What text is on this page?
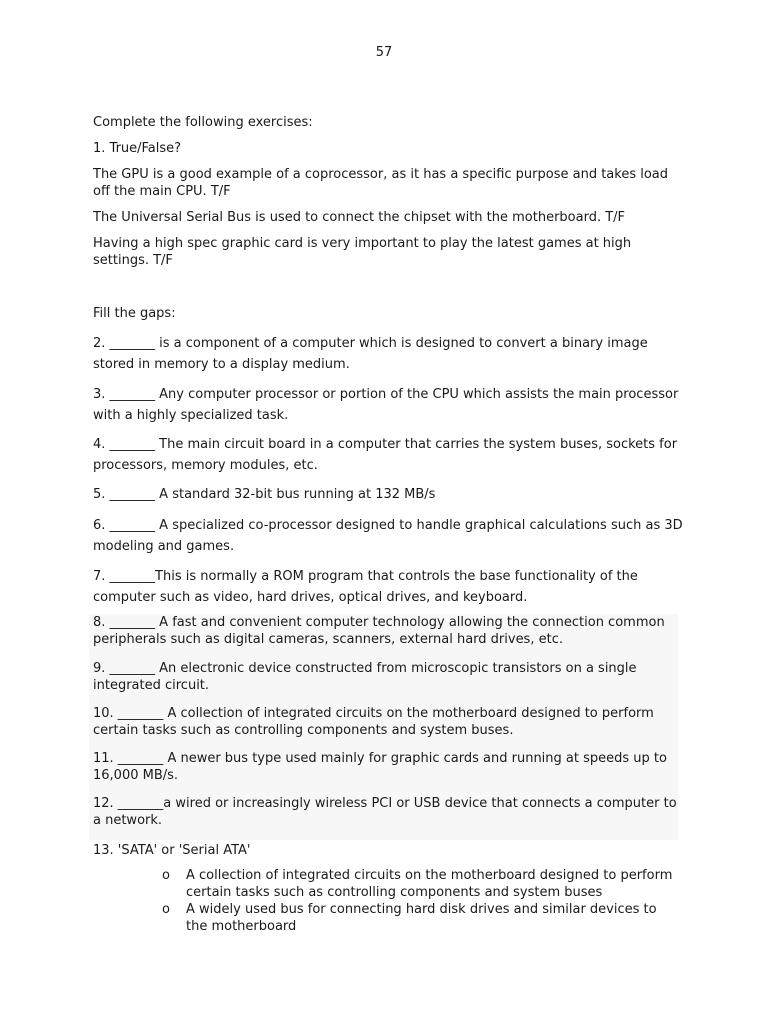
57

Complete the following exercises:

1. True/False?

The GPU is a good example of a coprocessor, as it has a specific purpose and takes load off the main CPU. T/F

The Universal Serial Bus is used to connect the chipset with the motherboard. T/F

Having a high spec graphic card is very important to play the latest games at high settings. T/F

Fill the gaps:

2. _______ is a component of a computer which is designed to convert a binary image stored in memory to a display medium.

3. _______ Any computer processor or portion of the CPU which assists the main processor with a highly specialized task.

4. _______ The main circuit board in a computer that carries the system buses, sockets for processors, memory modules, etc.

5. _______ A standard 32-bit bus running at 132 MB/s

6. _______ A specialized co-processor designed to handle graphical calculations such as 3D modeling and games.

7. _______This is normally a ROM program that controls the base functionality of the computer such as video, hard drives, optical drives, and keyboard.

8. _______ A fast and convenient computer technology allowing the connection common peripherals such as digital cameras, scanners, external hard drives, etc.

9. _______ An electronic device constructed from microscopic transistors on a single integrated circuit.

10. _______ A collection of integrated circuits on the motherboard designed to perform certain tasks such as controlling components and system buses.

11. _______ A newer bus type used mainly for graphic cards and running at speeds up to 16,000 MB/s.

12. _______a wired or increasingly wireless PCI or USB device that connects a computer to a network.

13. 'SATA' or 'Serial ATA'

o A collection of integrated circuits on the motherboard designed to perform certain tasks such as controlling components and system buses
o A widely used bus for connecting hard disk drives and similar devices to the motherboard
